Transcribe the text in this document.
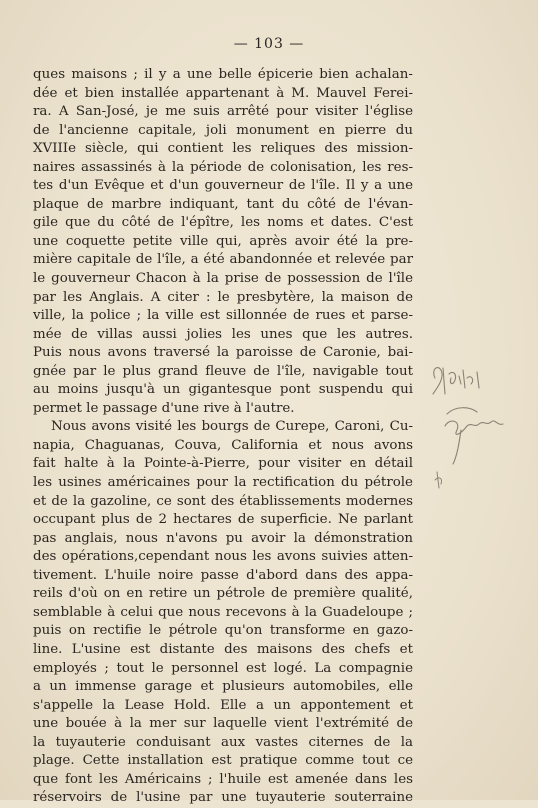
— 103 —
ques maisons ; il y a une belle épicerie bien achalan-
dée et bien installée appartenant à M. Mauvel Ferei-
ra. A San-José, je me suis arrêté pour visiter l'église
de l'ancienne capitale, joli monument en pierre du
XVIIIe siècle, qui contient les reliques des mission-
naires assassinés à la période de colonisation, les res-
tes d'un Evêque et d'un gouverneur de l'île. Il y a une
plaque de marbre indiquant, tant du côté de l'évan-
gile que du côté de l'épître, les noms et dates. C'est
une coquette petite ville qui, après avoir été la pre-
mière capitale de l'île, a été abandonnée et relevée par
le gouverneur Chacon à la prise de possession de l'île
par les Anglais. A citer : le presbytère, la maison de
ville, la police ; la ville est sillonnée de rues et parse-
mée de villas aussi jolies les unes que les autres.
Puis nous avons traversé la paroisse de Caronie, bai-
gnée par le plus grand fleuve de l'île, navigable tout
au moins jusqu'à un gigantesque pont suspendu qui
permet le passage d'une rive à l'autre.
Nous avons visité les bourgs de Curepe, Caroni, Cu-
napia, Chaguanas, Couva, California et nous avons
fait halte à la Pointe-à-Pierre, pour visiter en détail
les usines américaines pour la rectification du pétrole
et de la gazoline, ce sont des établissements modernes
occupant plus de 2 hectares de superficie. Ne parlant
pas anglais, nous n'avons pu avoir la démonstration
des opérations,cependant nous les avons suivies atten-
tivement. L'huile noire passe d'abord dans des appa-
reils d'où on en retire un pétrole de première qualité,
semblable à celui que nous recevons à la Guadeloupe ;
puis on rectifie le pétrole qu'on transforme en gazo-
line. L'usine est distante des maisons des chefs et
employés ; tout le personnel est logé. La compagnie
a un immense garage et plusieurs automobiles, elle
s'appelle la Lease Hold. Elle a un appontement et
une bouée à la mer sur laquelle vient l'extrémité de
la tuyauterie conduisant aux vastes citernes de la
plage. Cette installation est pratique comme tout ce
que font les Américains ; l'huile est amenée dans les
réservoirs de l'usine par une tuyauterie souterraine
